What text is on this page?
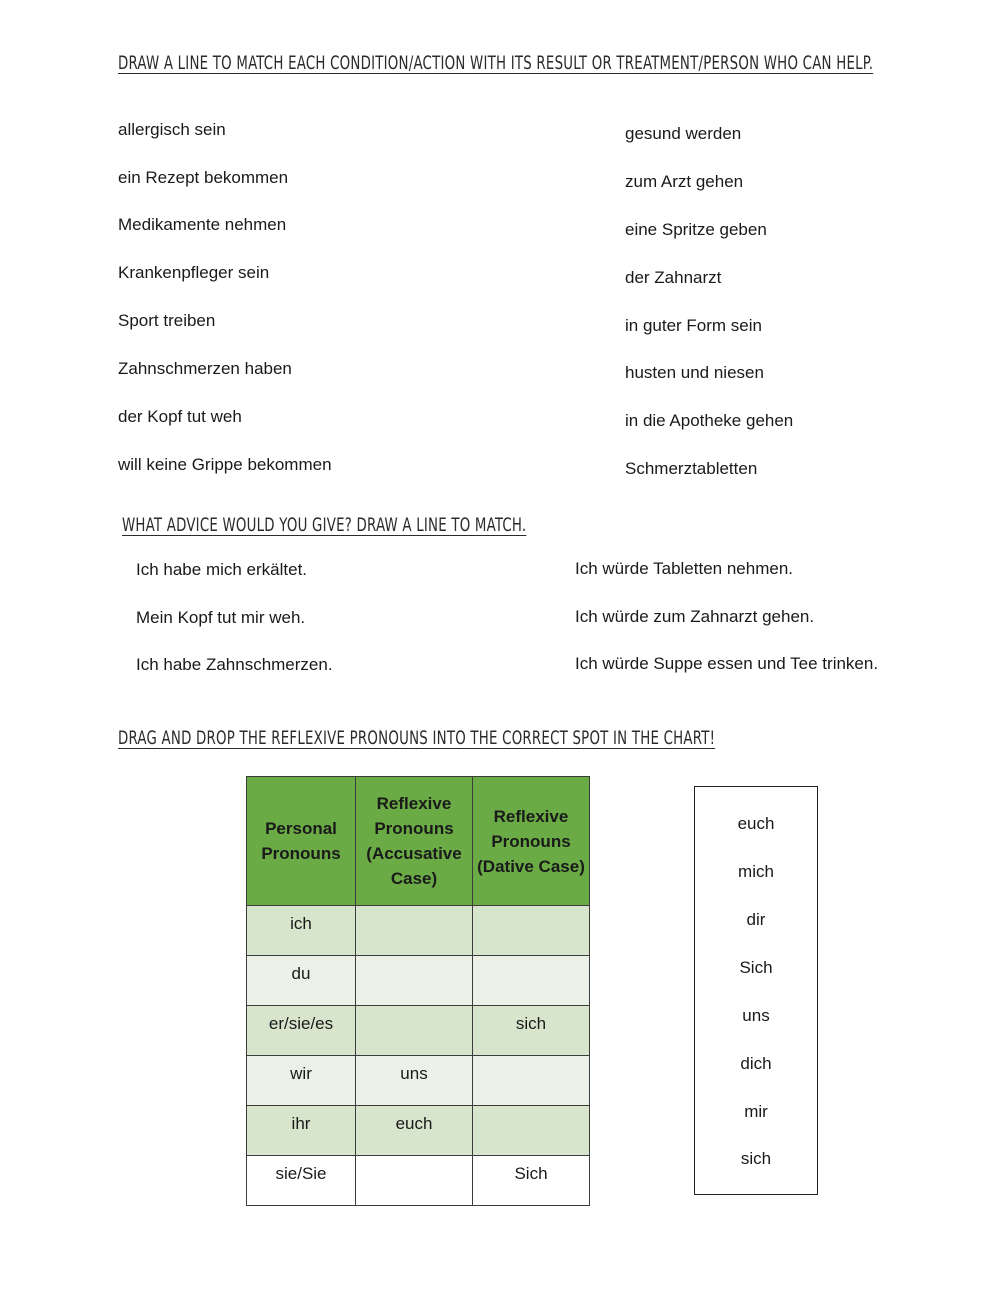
DRAW A LINE TO MATCH EACH CONDITION/ACTION WITH ITS RESULT OR TREATMENT/PERSON WHO CAN HELP.
allergisch sein
ein Rezept bekommen
Medikamente nehmen
Krankenpfleger sein
Sport treiben
Zahnschmerzen haben
der Kopf tut weh
will keine Grippe bekommen
gesund werden
zum Arzt gehen
eine Spritze geben
der Zahnarzt
in guter Form sein
husten und niesen
in die Apotheke gehen
Schmerztabletten
WHAT ADVICE WOULD YOU GIVE? DRAW A LINE TO MATCH.
Ich habe mich erkältet.
Mein Kopf tut mir weh.
Ich habe Zahnschmerzen.
Ich würde Tabletten nehmen.
Ich würde zum Zahnarzt gehen.
Ich würde Suppe essen und Tee trinken.
DRAG AND DROP THE REFLEXIVE PRONOUNS INTO THE CORRECT SPOT IN THE CHART!
Personal Pronouns	Reflexive Pronouns (Accusative Case)	Reflexive Pronouns (Dative Case)
ich		
du		
er/sie/es		sich
wir	uns	
ihr	euch	
sie/Sie		Sich
euch
mich
dir
Sich
uns
dich
mir
sich
